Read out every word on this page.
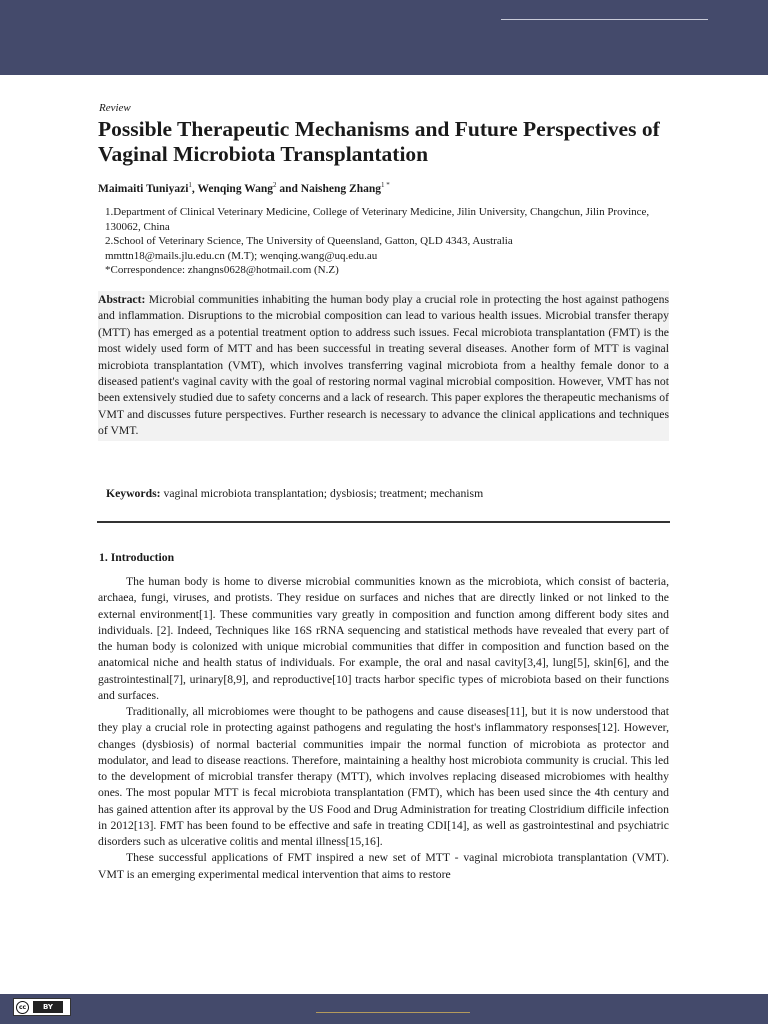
Review
Possible Therapeutic Mechanisms and Future Perspectives of Vaginal Microbiota Transplantation
Maimaiti Tuniyazi$^1$, Wenqing Wang$^2$ and Naisheng Zhang$^{1 *}$
1.Department of Clinical Veterinary Medicine, College of Veterinary Medicine, Jilin University, Changchun, Jilin Province, 130062, China
2.School of Veterinary Science, The University of Queensland, Gatton, QLD 4343, Australia
mmttn18@mails.jlu.edu.cn (M.T); wenqing.wang@uq.edu.au
*Correspondence: zhangns0628@hotmail.com (N.Z)
Abstract: Microbial communities inhabiting the human body play a crucial role in protecting the host against pathogens and inflammation. Disruptions to the microbial composition can lead to various health issues. Microbial transfer therapy (MTT) has emerged as a potential treatment option to address such issues. Fecal microbiota transplantation (FMT) is the most widely used form of MTT and has been successful in treating several diseases. Another form of MTT is vaginal microbiota transplantation (VMT), which involves transferring vaginal microbiota from a healthy female donor to a diseased patient's vaginal cavity with the goal of restoring normal vaginal microbial composition. However, VMT has not been extensively studied due to safety concerns and a lack of research. This paper explores the therapeutic mechanisms of VMT and discusses future perspectives. Further research is necessary to advance the clinical applications and techniques of VMT.
Keywords: vaginal microbiota transplantation; dysbiosis; treatment; mechanism
1. Introduction

The human body is home to diverse microbial communities known as the microbiota, which consist of bacteria, archaea, fungi, viruses, and protists. They residue on surfaces and niches that are directly linked or not linked to the external environment[1]. These communities vary greatly in composition and function among different body sites and individuals. [2]. Indeed, Techniques like 16S rRNA sequencing and statistical methods have revealed that every part of the human body is colonized with unique microbial communities that differ in composition and function based on the anatomical niche and health status of individuals. For example, the oral and nasal cavity[3,4], lung[5], skin[6], and the gastrointestinal[7], urinary[8,9], and reproductive[10] tracts harbor specific types of microbiota based on their functions and surfaces.

Traditionally, all microbiomes were thought to be pathogens and cause diseases[11], but it is now understood that they play a crucial role in protecting against pathogens and regulating the host's inflammatory responses[12]. However, changes (dysbiosis) of normal bacterial communities impair the normal function of microbiota as protector and modulator, and lead to disease reactions. Therefore, maintaining a healthy host microbiota community is crucial. This led to the development of microbial transfer therapy (MTT), which involves replacing diseased microbiomes with healthy ones. The most popular MTT is fecal microbiota transplantation (FMT), which has been used since the 4th century and has gained attention after its approval by the US Food and Drug Administration for treating Clostridium difficile infection in 2012[13]. FMT has been found to be effective and safe in treating CDI[14], as well as gastrointestinal and psychiatric disorders such as ulcerative colitis and mental illness[15,16].

These successful applications of FMT inspired a new set of MTT - vaginal microbiota transplantation (VMT). VMT is an emerging experimental medical intervention that aims to restore

cc	BY
